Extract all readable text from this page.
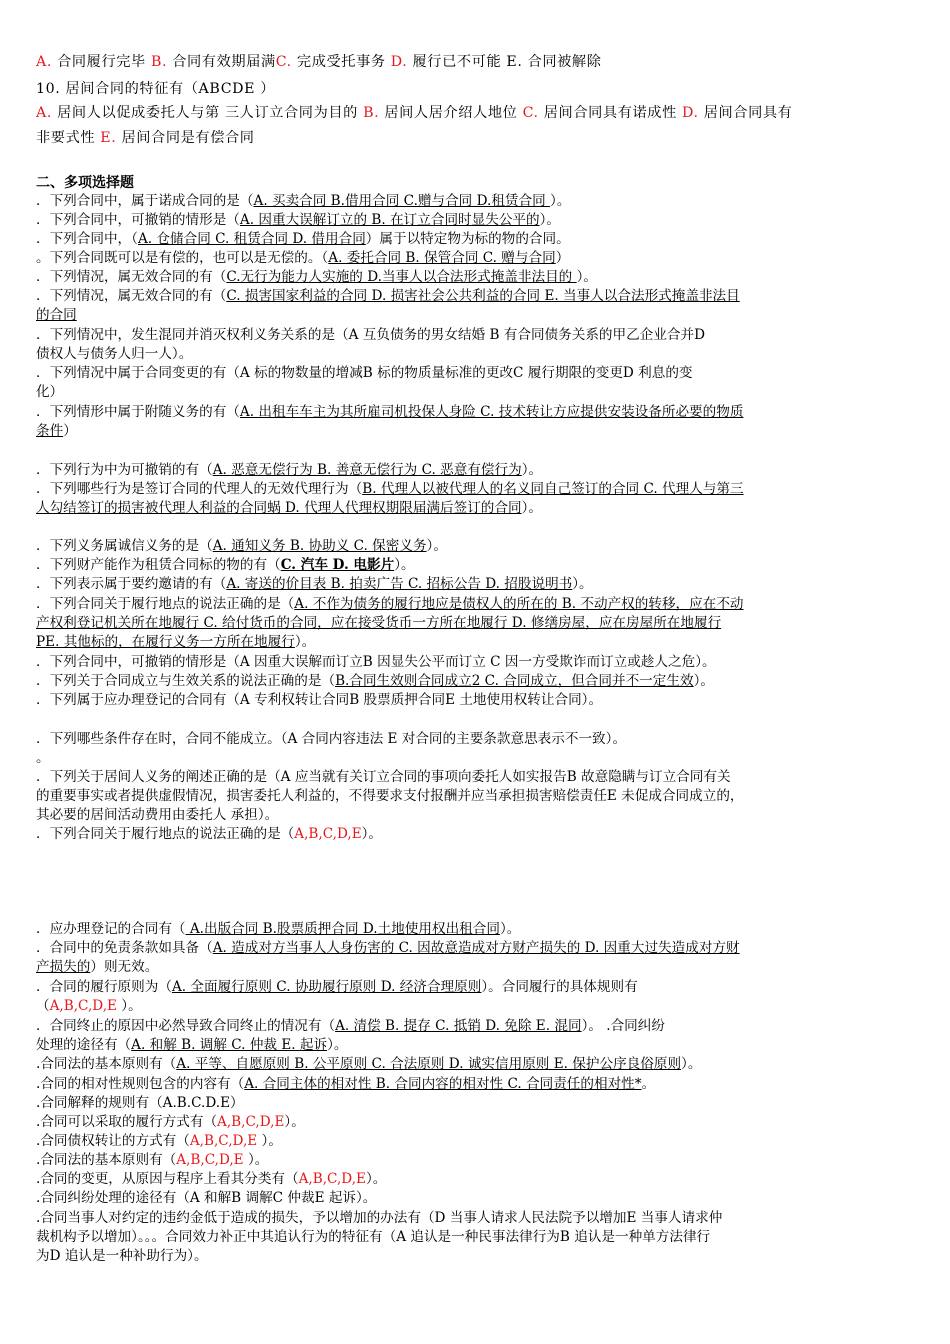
A. 合同履行完毕 B. 合同有效期届满C. 完成受托事务 D. 履行已不可能 E. 合同被解除
10. 居间合同的特征有（ABCDE ）
A. 居间人以促成委托人与第 三人订立合同为目的 B. 居间人居介绍人地位 C. 居间合同具有诺成性 D. 居间合同具有
非要式性 E. 居间合同是有偿合同
二、多项选择题
．下列合同中，属于诺成合同的是（A. 买卖合同 B.借用合同 C.赠与合同 D.租赁合同 ）。
．下列合同中，可撤销的情形是（A. 因重大误解订立的 B. 在订立合同时显失公平的）。
．下列合同中，（A. 仓储合同 C. 租赁合同 D. 借用合同）属于以特定物为标的物的合同。
。下列合同既可以是有偿的，也可以是无偿的。（A. 委托合同 B. 保管合同 C. 赠与合同）
．下列情况，属无效合同的有（C.无行为能力人实施的 D.当事人以合法形式掩盖非法目的 ）。
．下列情况，属无效合同的有（C. 损害国家利益的合同 D. 损害社会公共利益的合同 E. 当事人以合法形式掩盖非法目
的合同
．下列情况中，发生混同并消灭权利义务关系的是（A 互负债务的男女结婚 B 有合同债务关系的甲乙企业合并D
债权人与债务人归一人）。
．下列情况中属于合同变更的有（A 标的物数量的增减B 标的物质量标准的更改C 履行期限的变更D 利息的变
化）
．下列情形中属于附随义务的有（A. 出租车车主为其所雇司机投保人身险 C. 技术转让方应提供安装设备所必要的物质
条件）
．下列行为中为可撤销的有（A. 恶意无偿行为 B. 善意无偿行为 C. 恶意有偿行为）。
．下列哪些行为是签订合同的代理人的无效代理行为（B. 代理人以被代理人的名义同自己签订的合同 C. 代理人与第三
人勾结签订的损害被代理人利益的合同蜗 D. 代理人代理权期限届满后签订的合同）。
．下列义务属诚信义务的是（A. 通知义务 B. 协助义 C. 保密义务）。
．下列财产能作为租赁合同标的物的有（C. 汽车 D. 电影片）。
．下列表示属于要约邀请的有（A. 寄送的价目表 B. 拍卖广告 C. 招标公告 D. 招股说明书）。
．下列合同关于履行地点的说法正确的是（A. 不作为债务的履行地应是债权人的所在的 B. 不动产权的转移，应在不动
产权利登记机关所在地履行 C. 给付货币的合同，应在接受货币一方所在地履行 D. 修缮房屋，应在房屋所在地履行
PE. 其他标的，在履行义务一方所在地履行）。
．下列合同中，可撤销的情形是（A 因重大误解而订立B 因显失公平而订立 C 因一方受欺诈而订立或趁人之危）。
．下列关于合同成立与生效关系的说法正确的是（B.合同生效则合同成立2 C. 合同成立，但合同并不一定生效）。
．下列属于应办理登记的合同有（A 专利权转让合同B 股票质押合同E 土地使用权转让合同）。
．下列哪些条件存在时，合同不能成立。（A 合同内容违法 E 对合同的主要条款意思表示不一致）。
。
．下列关于居间人义务的阐述正确的是（A 应当就有关订立合同的事项向委托人如实报告B 故意隐瞒与订立合同有关
的重要事实或者提供虚假情况，损害委托人利益的，不得要求支付报酬并应当承担损害赔偿责任E 未促成合同成立的，
其必要的居间活动费用由委托人 承担）。
．下列合同关于履行地点的说法正确的是（A,B,C,D,E）。
．应办理登记的合同有（ A.出版合同 B.股票质押合同 D.土地使用权出租合同）。
．合同中的免责条款如具备（A. 造成对方当事人人身伤害的 C. 因故意造成对方财产损失的 D. 因重大过失造成对方财
产损失的）则无效。
．合同的履行原则为（A. 全面履行原则 C. 协助履行原则 D. 经济合理原则）。合同履行的具体规则有
（A,B,C,D,E ）。
．合同终止的原因中必然导致合同终止的情况有（A. 清偿 B. 提存 C. 抵销 D. 免除 E. 混同）。 .合同纠纷
处理的途径有（A. 和解 B. 调解 C. 仲裁 E. 起诉）。
.合同法的基本原则有（A. 平等、自愿原则 B. 公平原则 C. 合法原则 D. 诚实信用原则 E. 保护公序良俗原则）。
.合同的相对性规则包含的内容有（A. 合同主体的相对性 B. 合同内容的相对性 C. 合同责任的相对性*。
.合同解释的规则有（A.B.C.D.E）
.合同可以采取的履行方式有（A,B,C,D,E）。
.合同债权转让的方式有（A,B,C,D,E ）。
.合同法的基本原则有（A,B,C,D,E ）。
.合同的变更，从原因与程序上看其分类有（A,B,C,D,E）。
.合同纠纷处理的途径有（A 和解B 调解C 仲裁E 起诉）。
.合同当事人对约定的违约金低于造成的损失，予以增加的办法有（D 当事人请求人民法院予以增加E 当事人请求仲
裁机构予以增加）。。。合同效力补正中其追认行为的特征有（A 追认是一种民事法律行为B 追认是一种单方法律行
为D 追认是一种补助行为）。
